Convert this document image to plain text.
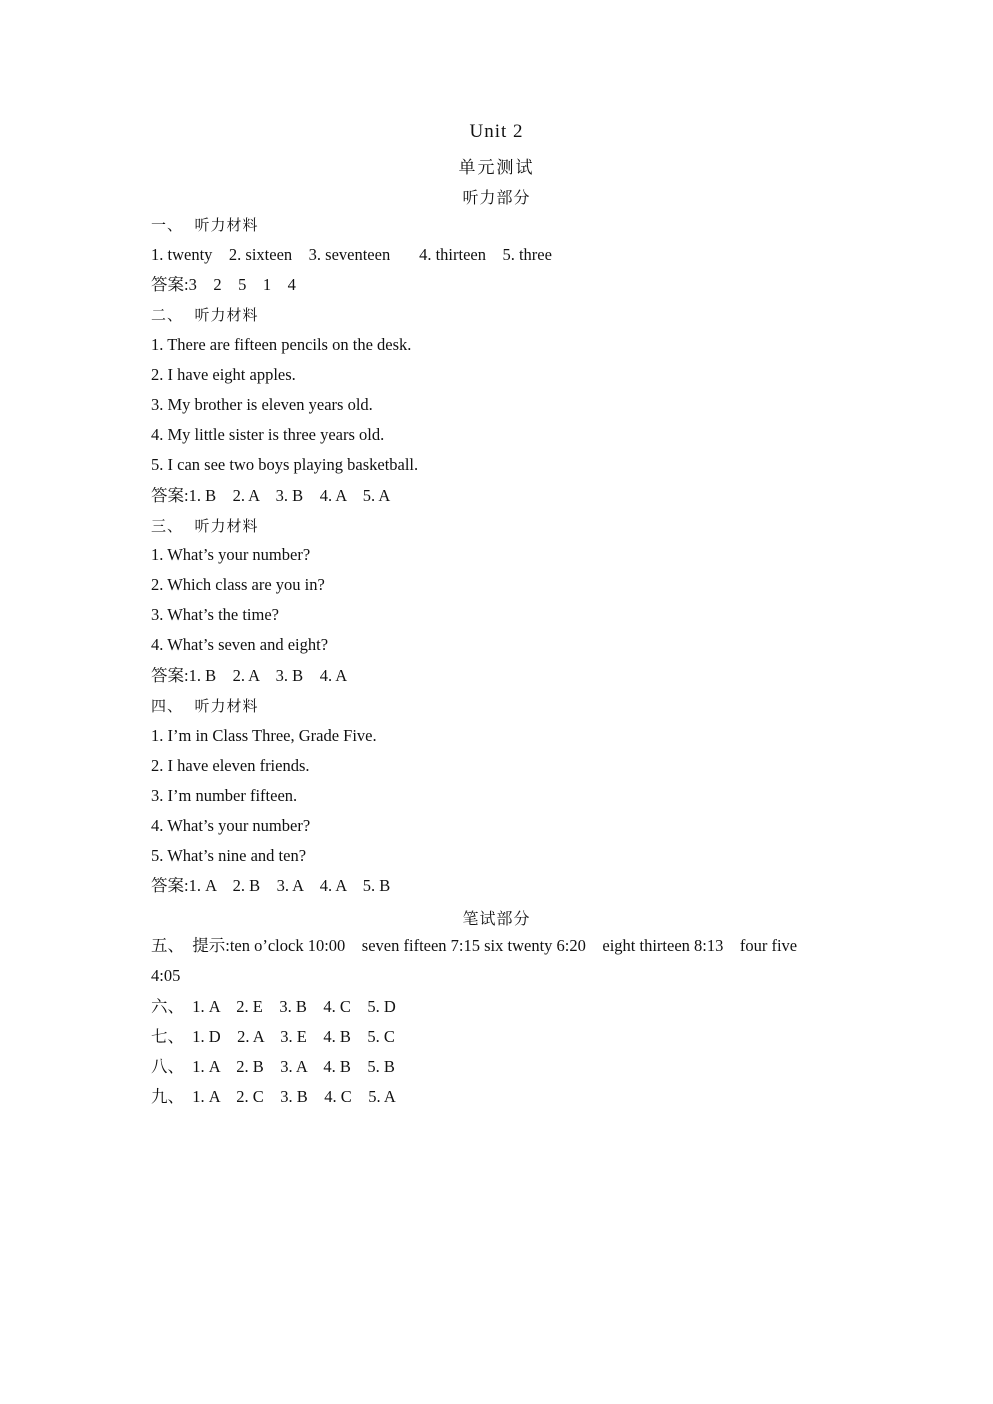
Unit 2
单元测试
听力部分
一、  听力材料
1. twenty    2. sixteen    3. seventeen       4. thirteen    5. three
答案:3    2    5    1    4
二、  听力材料
1. There are fifteen pencils on the desk.
2. I have eight apples.
3. My brother is eleven years old.
4. My little sister is three years old.
5. I can see two boys playing basketball.
答案:1. B    2. A    3. B    4. A    5. A
三、  听力材料
1. What’s your number?
2. Which class are you in?
3. What’s the time?
4. What’s seven and eight?
答案:1. B    2. A    3. B    4. A
四、  听力材料
1. I’m in Class Three, Grade Five.
2. I have eleven friends.
3. I’m number fifteen.
4. What’s your number?
5. What’s nine and ten?
答案:1. A    2. B    3. A    4. A    5. B
笔试部分
五、  提示:ten o’clock 10:00    seven fifteen 7:15 six twenty 6:20    eight thirteen 8:13    four five
4:05
六、  1. A    2. E    3. B    4. C    5. D
七、  1. D    2. A    3. E    4. B    5. C
八、  1. A    2. B    3. A    4. B    5. B
九、  1. A    2. C    3. B    4. C    5. A
